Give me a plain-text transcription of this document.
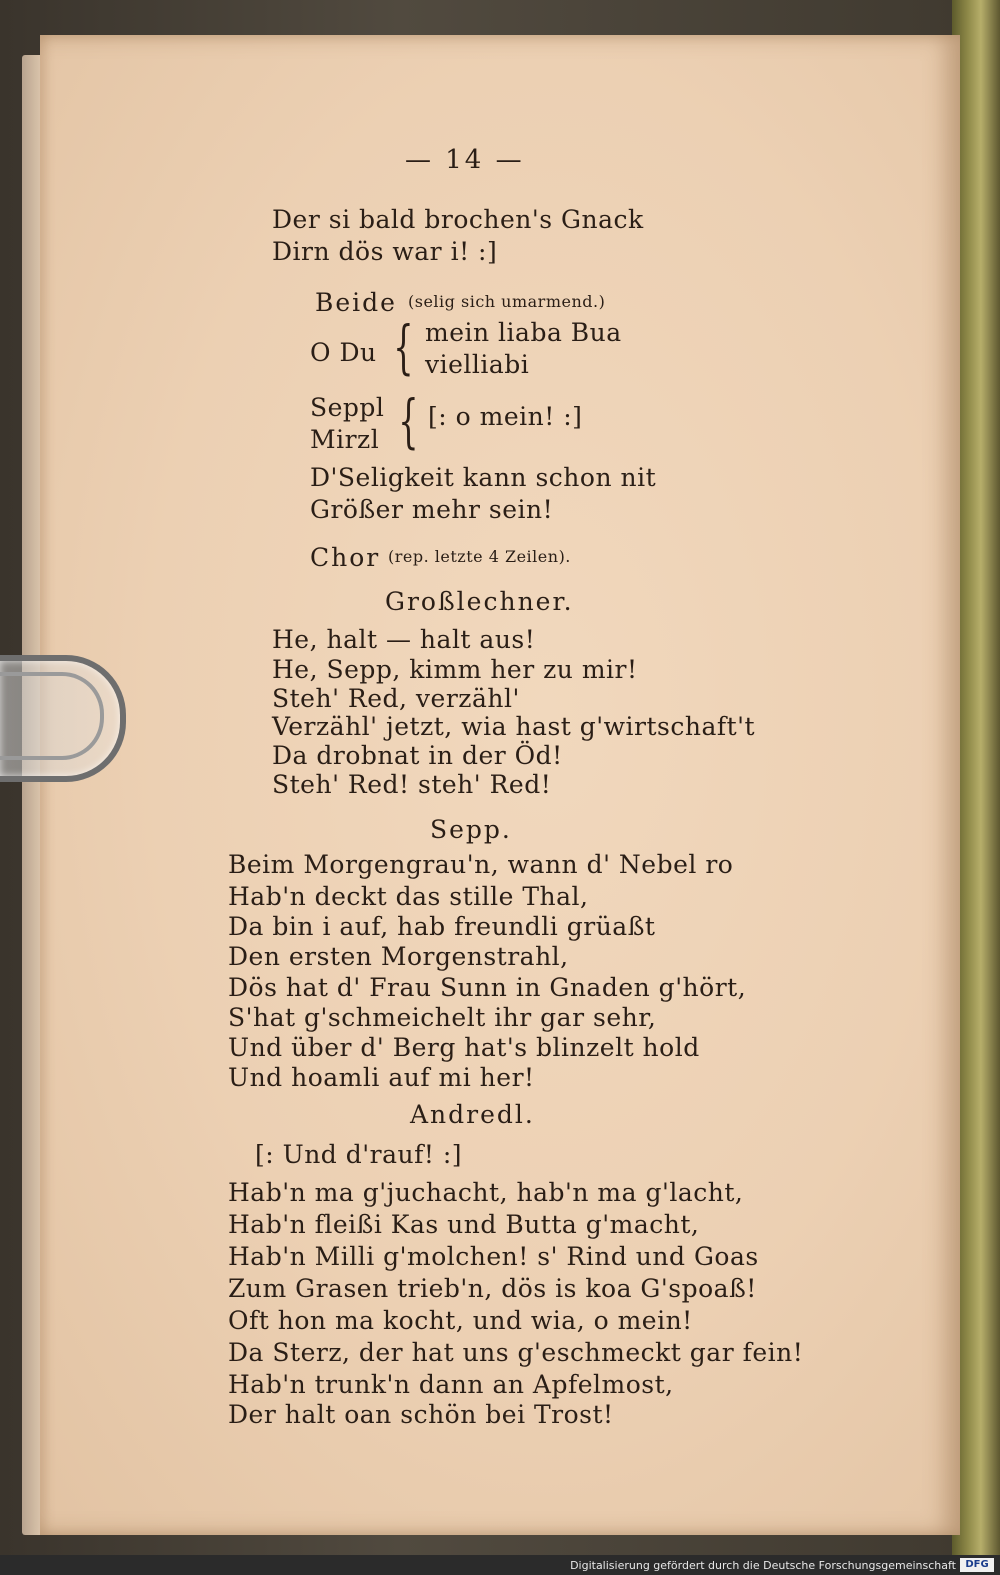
— 14 —
Der si bald brochen's Gnack
Dirn dös war i! :]
Beide (selig sich umarmend.)
O Du { mein liaba Bua
vielliabi
Seppl
Mirzl { [: o mein! :]
D'Seligkeit kann schon nit
Größer mehr sein!
Chor (rep. letzte 4 Zeilen).
Großlechner.
He, halt — halt aus!
He, Sepp, kimm her zu mir!
Steh' Red, verzähl'
Verzähl' jetzt, wia hast g'wirtschaft't
Da drobnat in der Öd!
Steh' Red! steh' Red!
Sepp.
Beim Morgengrau'n, wann d' Nebel ro
Hab'n deckt das stille Thal,
Da bin i auf, hab freundli grüaßt
Den ersten Morgenstrahl,
Dös hat d' Frau Sunn in Gnaden g'hört,
S'hat g'schmeichelt ihr gar sehr,
Und über d' Berg hat's blinzelt hold
Und hoamli auf mi her!
Andredl.
[: Und d'rauf! :]
Hab'n ma g'juchacht, hab'n ma g'lacht,
Hab'n fleißi Kas und Butta g'macht,
Hab'n Milli g'molchen! s' Rind und Goas
Zum Grasen trieb'n, dös is koa G'spoaß!
Oft hon ma kocht, und wia, o mein!
Da Sterz, der hat uns g'eschmeckt gar fein!
Hab'n trunk'n dann an Apfelmost,
Der halt oan schön bei Trost!
Digitalisierung gefördert durch die Deutsche Forschungsgemeinschaft DFG
